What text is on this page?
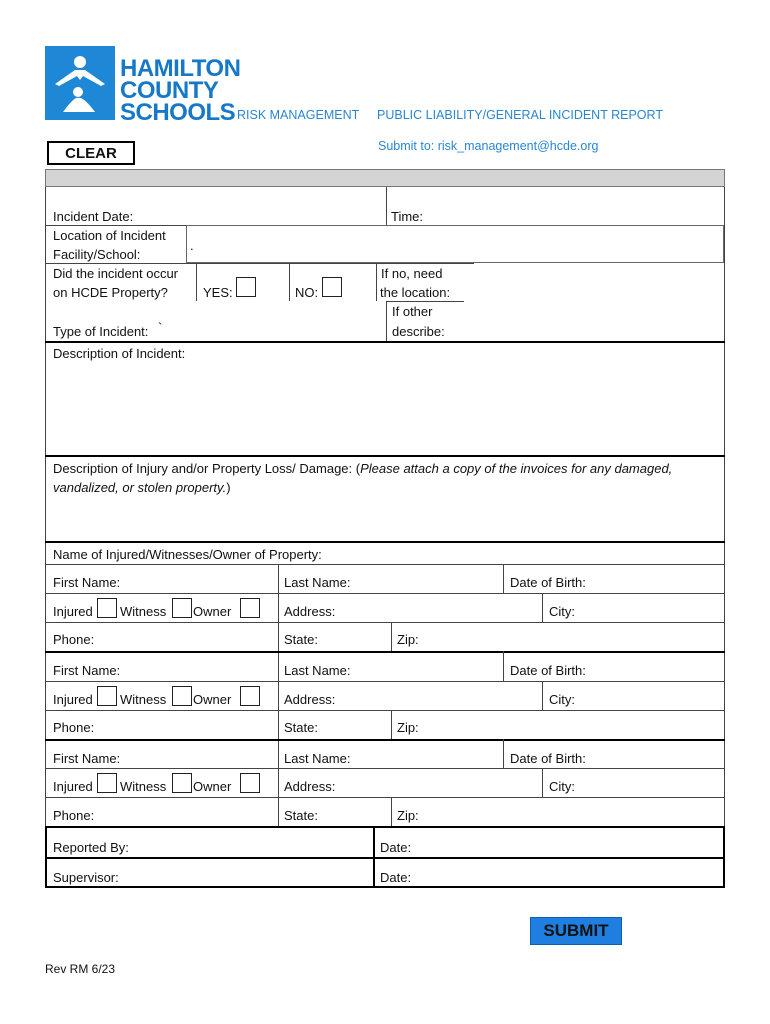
HAMILTON
COUNTY
SCHOOLS RISK MANAGEMENT PUBLIC LIABILITY/GENERAL INCIDENT REPORT
Submit to: risk_management@hcde.org
CLEAR
Incident Date:	Time:
Location of Incident
Facility/School:
.
Did the incident occur
on HCDE Property?	YES:	NO:
If no, need
the location:
Type of Incident: `
If other
describe:
Description of Incident:
Description of Injury and/or Property Loss/ Damage: (Please attach a copy of the invoices for any damaged,
vandalized, or stolen property.)
Name of Injured/Witnesses/Owner of Property:
First Name:	Last Name:	Date of Birth:
Injured Witness Owner	Address:	City:
Phone:	State:	Zip:
First Name:	Last Name:	Date of Birth:
Injured Witness Owner	Address:	City:
Phone:	State:	Zip:
First Name:	Last Name:	Date of Birth:
Injured Witness Owner	Address:	City:
Phone:	State:	Zip:
Reported By:	Date:
Supervisor:	Date:
SUBMIT
Rev RM 6/23
